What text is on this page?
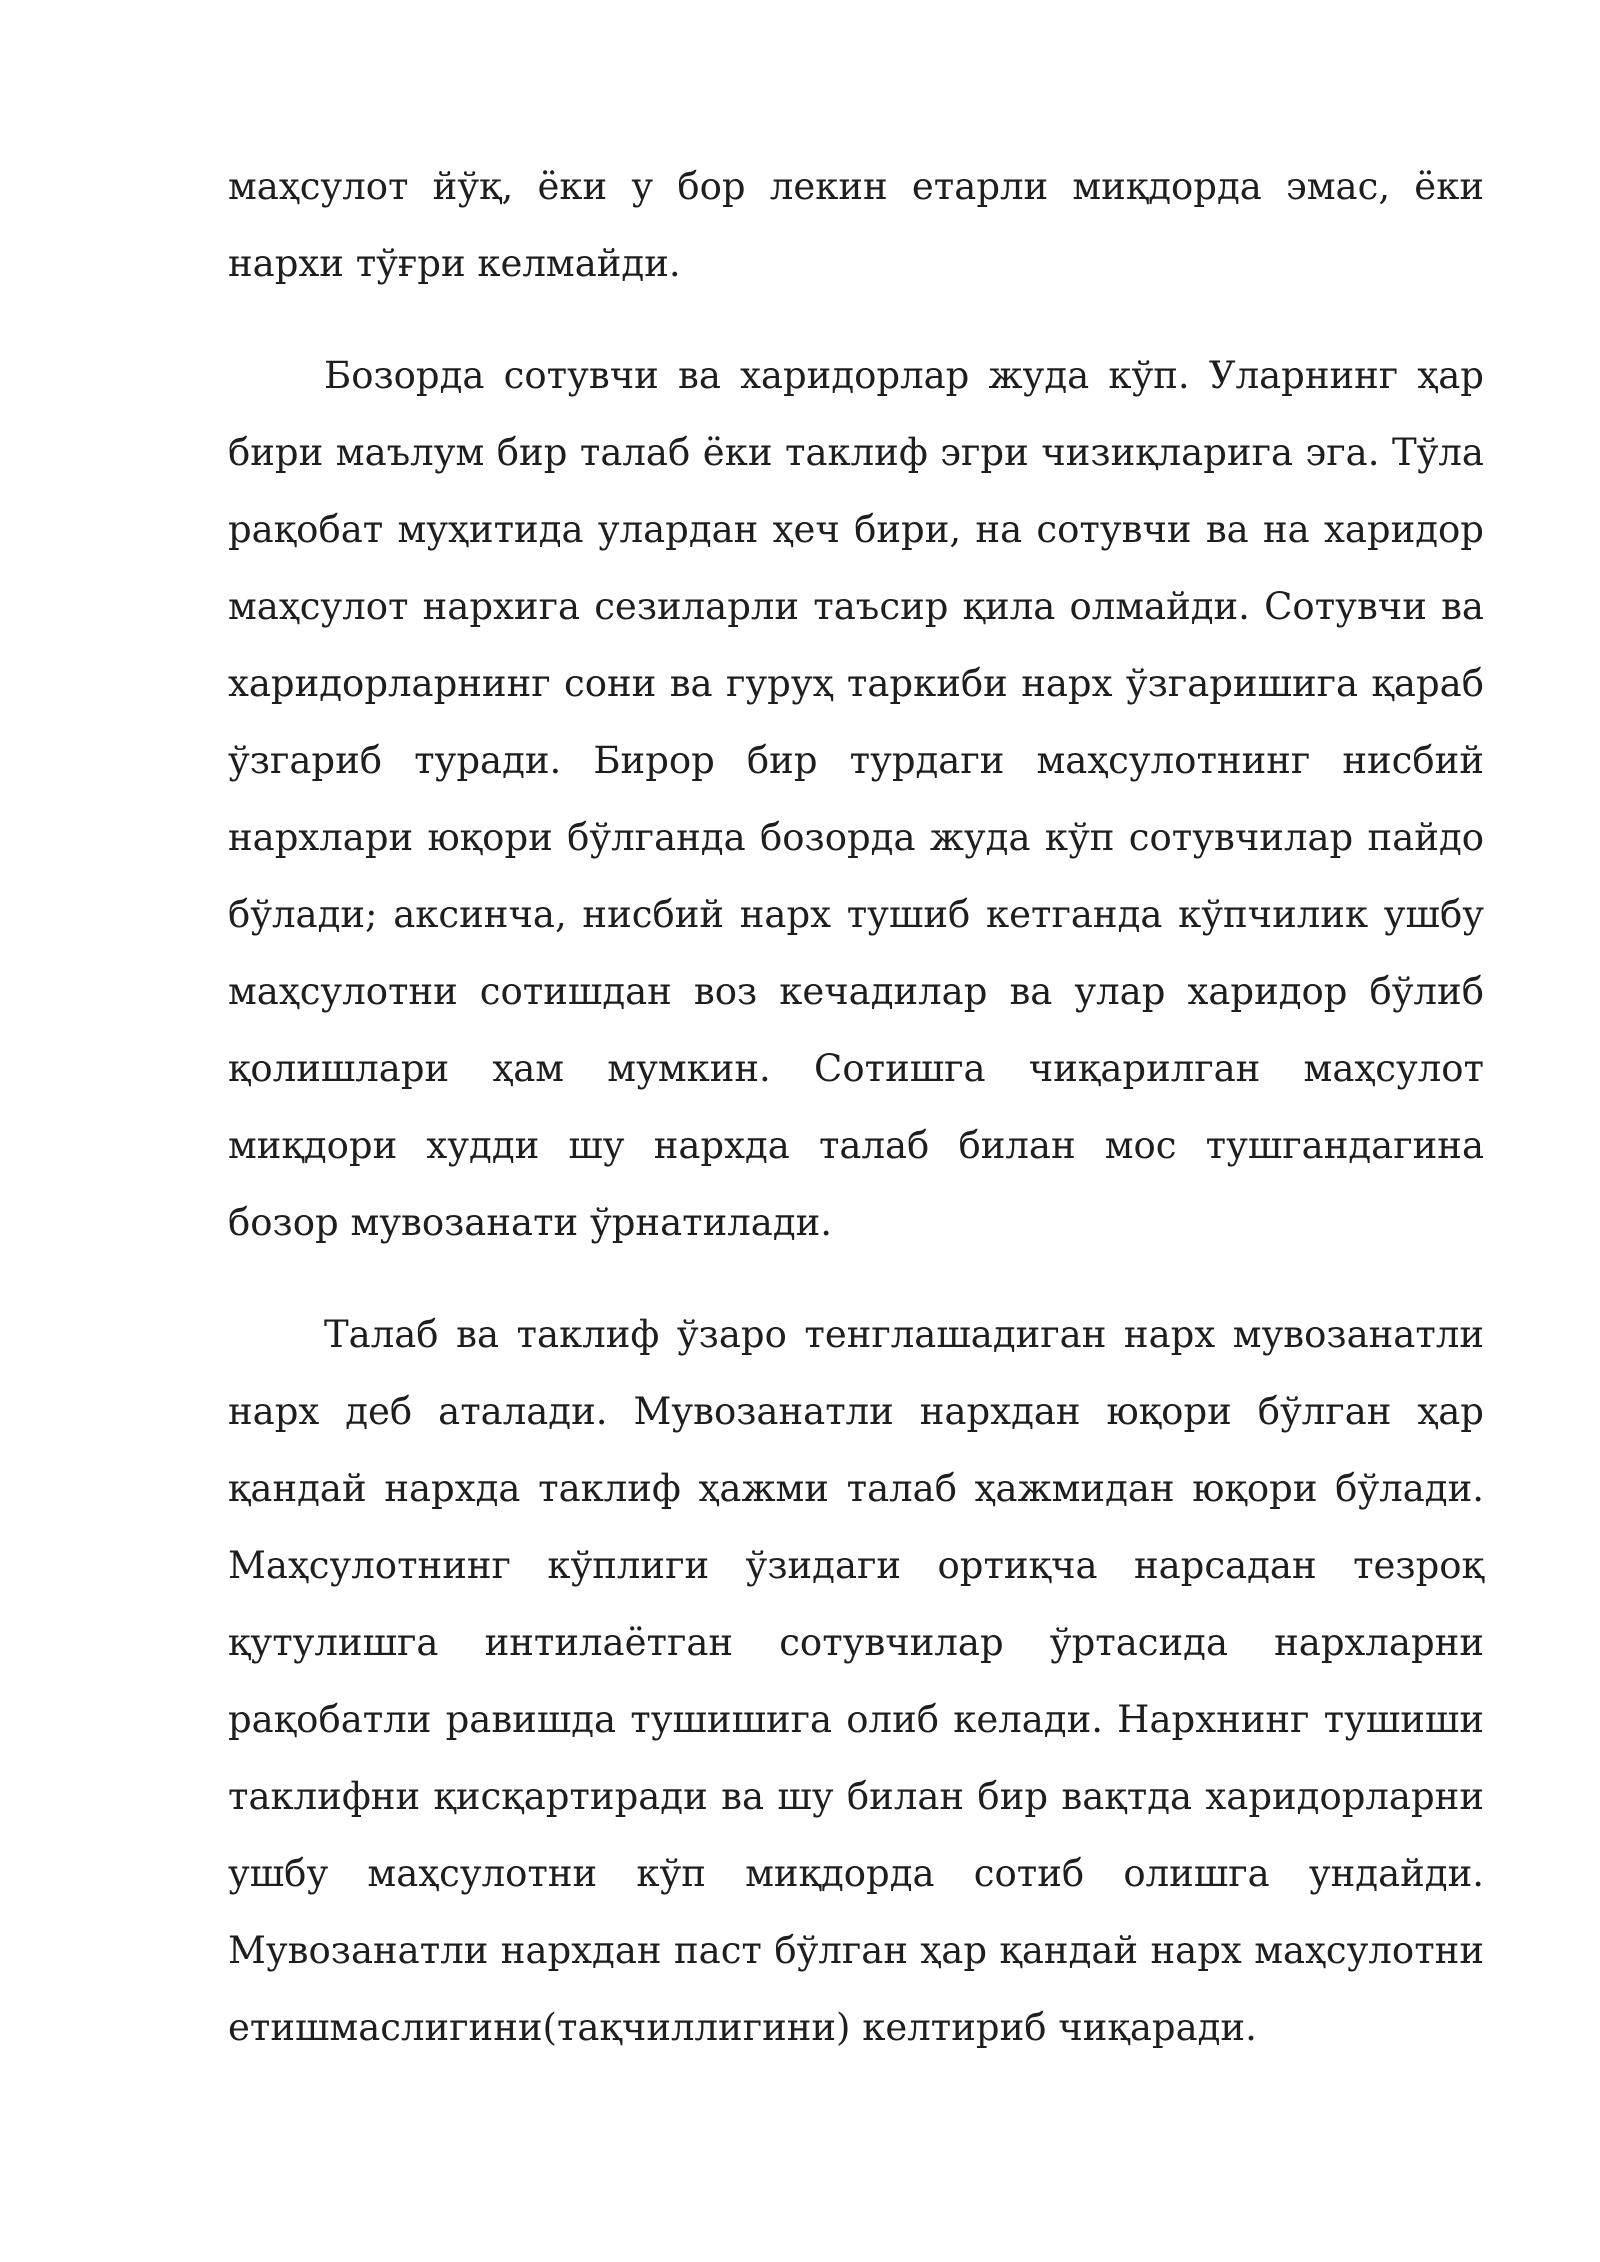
маҳсулот йўқ, ёки у бор лекин етарли миқдорда эмас, ёки нархи тўғри келмайди.

Бозорда сотувчи ва харидорлар жуда кўп. Уларнинг ҳар бири маълум бир талаб ёки таклиф эгри чизиқларига эга. Тўла рақобат муҳитида улардан ҳеч бири, на сотувчи ва на харидор маҳсулот нархига сезиларли таъсир қила олмайди. Сотувчи ва харидорларнинг сони ва гуруҳ таркиби нарх ўзгаришига қараб ўзгариб туради. Бирор бир турдаги маҳсулотнинг нисбий нархлари юқори бўлганда бозорда жуда кўп сотувчилар пайдо бўлади; аксинча, нисбий нарх тушиб кетганда кўпчилик ушбу маҳсулотни сотишдан воз кечадилар ва улар харидор бўлиб қолишлари ҳам мумкин. Сотишга чиқарилган маҳсулот миқдори худди шу нархда талаб билан мос тушгандагина бозор мувозанати ўрнатилади.

Талаб ва таклиф ўзаро тенглашадиган нарх мувозанатли нарх деб аталади. Мувозанатли нархдан юқори бўлган ҳар қандай нархда таклиф ҳажми талаб ҳажмидан юқори бўлади. Маҳсулотнинг кўплиги ўзидаги ортиқча нарсадан тезроқ қутулишга интилаётган сотувчилар ўртасида нархларни рақобатли равишда тушишига олиб келади. Нархнинг тушиши таклифни қисқартиради ва шу билан бир вақтда харидорларни ушбу маҳсулотни кўп миқдорда сотиб олишга ундайди. Мувозанатли нархдан паст бўлган ҳар қандай нарх маҳсулотни етишмаслигини(тақчиллигини) келтириб чиқаради.
